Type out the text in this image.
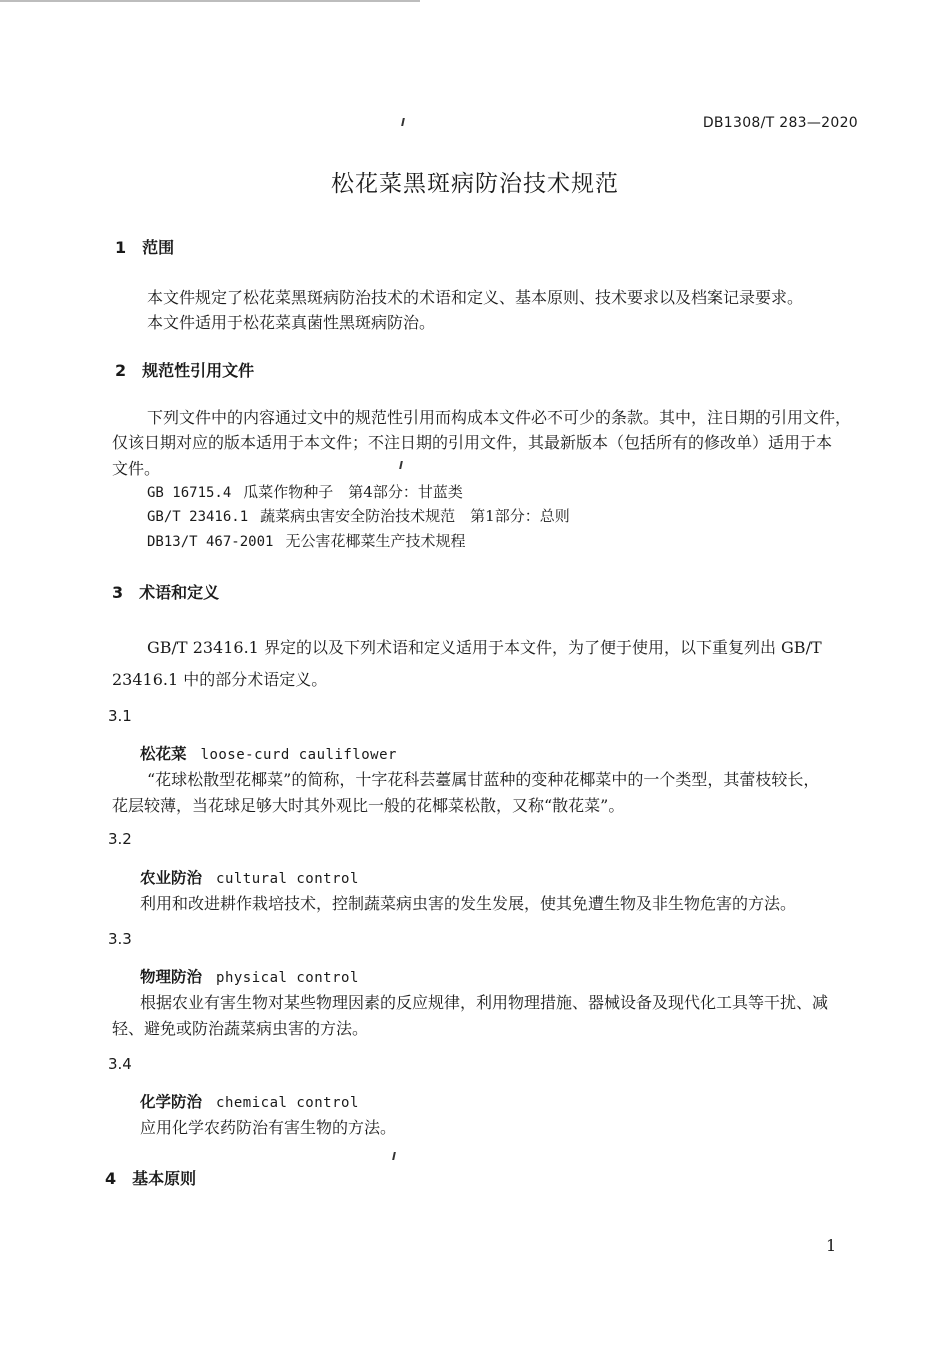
DB1308/T 283—2020
松花菜黑斑病防治技术规范
1　范围
本文件规定了松花菜黑斑病防治技术的术语和定义、基本原则、技术要求以及档案记录要求。
本文件适用于松花菜真菌性黑斑病防治。
2　规范性引用文件
下列文件中的内容通过文中的规范性引用而构成本文件必不可少的条款。其中，注日期的引用文件，
仅该日期对应的版本适用于本文件；不注日期的引用文件，其最新版本（包括所有的修改单）适用于本
文件。
GB 16715.4 瓜菜作物种子　第4部分：甘蓝类
GB/T 23416.1 蔬菜病虫害安全防治技术规范　第1部分：总则
DB13/T 467-2001 无公害花椰菜生产技术规程
3　术语和定义
GB/T 23416.1 界定的以及下列术语和定义适用于本文件，为了便于使用，以下重复列出 GB/T
23416.1 中的部分术语定义。
3.1
松花菜 loose-curd cauliflower
“花球松散型花椰菜”的简称，十字花科芸薹属甘蓝种的变种花椰菜中的一个类型，其蕾枝较长，
花层较薄，当花球足够大时其外观比一般的花椰菜松散，又称“散花菜”。
3.2
农业防治 cultural control
利用和改进耕作栽培技术，控制蔬菜病虫害的发生发展，使其免遭生物及非生物危害的方法。
3.3
物理防治 physical control
根据农业有害生物对某些物理因素的反应规律，利用物理措施、器械设备及现代化工具等干扰、减
轻、避免或防治蔬菜病虫害的方法。
3.4
化学防治 chemical control
应用化学农药防治有害生物的方法。
4　基本原则
1
